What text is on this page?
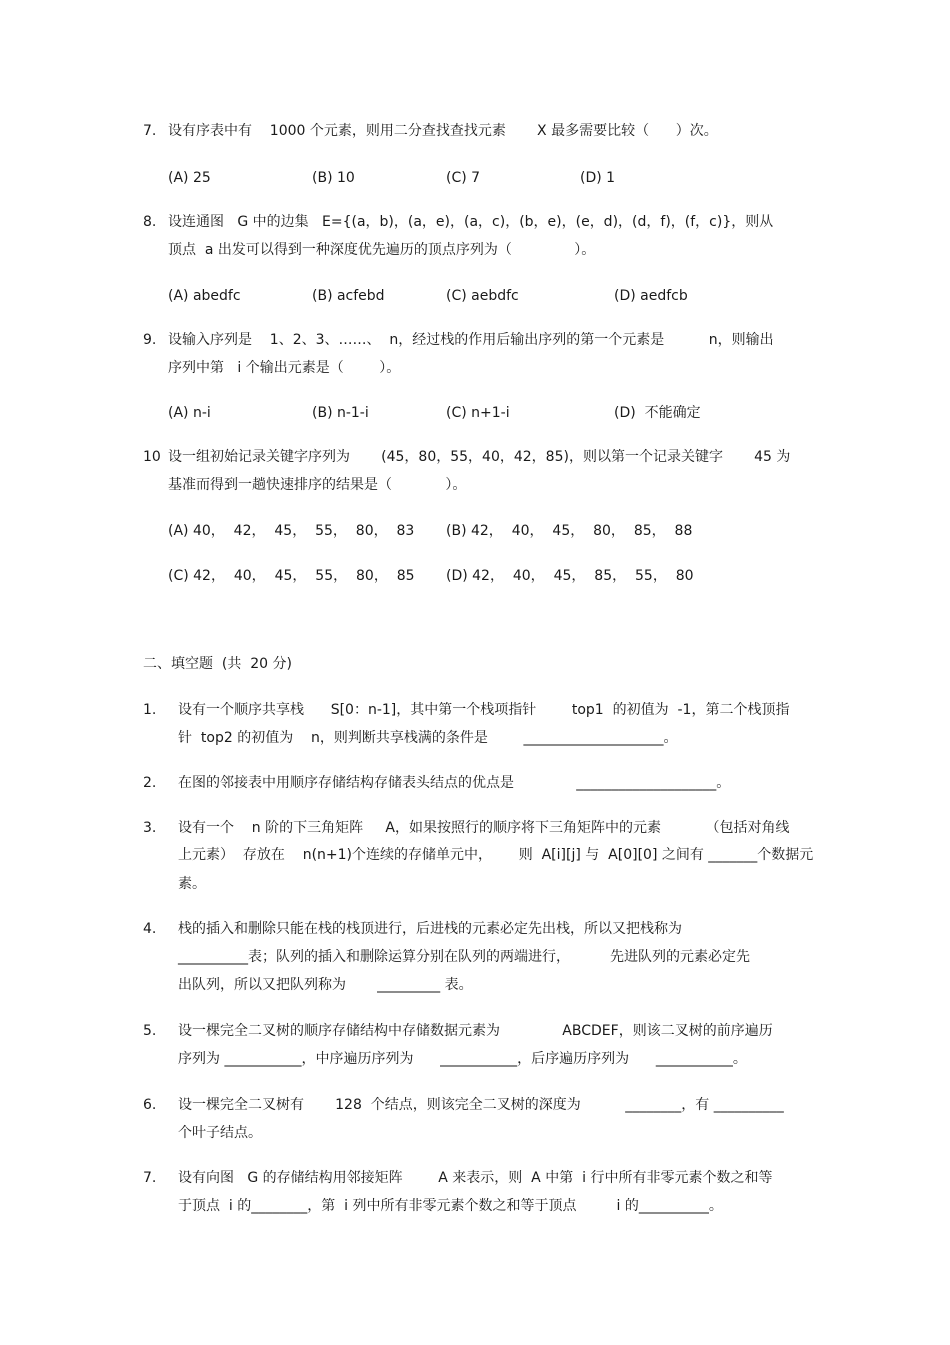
7. 设有序表中有    1000 个元素，则用二分查找查找元素       X 最多需要比较（      ）次。
(A) 25	(B) 10	(C) 7	(D) 1
8. 设连通图   G 中的边集   E={(a，b)，(a，e)，(a，c)，(b，e)，(e，d)，(d，f)，(f，c)}，则从
顶点  a 出发可以得到一种深度优先遍历的顶点序列为（              ）。
(A) abedfc	(B) acfebd	(C) aebdfc	(D) aedfcb
9. 设输入序列是    1、2、3、……、  n，经过栈的作用后输出序列的第一个元素是          n，则输出
序列中第   i 个输出元素是（        ）。
(A) n-i	(B) n-1-i	(C) n+1-i	(D)  不能确定
10 设一组初始记录关键字序列为       (45，80，55，40，42，85)，则以第一个记录关键字       45 为
基准而得到一趟快速排序的结果是（            ）。
(A) 40，  42，  45，  55，  80，  83 (B) 42，  40，  45，  80，  85，  88
(C) 42，  40，  45，  55，  80，  85 (D) 42，  40，  45，  85，  55，  80
二、填空题  (共  20 分)
1. 设有一个顺序共享栈      S[0：n-1]，其中第一个栈项指针        top1  的初值为  -1，第二个栈顶指
针  top2 的初值为    n，则判断共享栈满的条件是        ____________________。
2. 在图的邻接表中用顺序存储结构存储表头结点的优点是              ____________________。
3. 设有一个    n 阶的下三角矩阵     A，如果按照行的顺序将下三角矩阵中的元素          （包括对角线
上元素）  存放在    n(n+1)个连续的存储单元中，      则  A[i][j] 与  A[0][0] 之间有 _______个数据元
素。
4. 栈的插入和删除只能在栈的栈顶进行，后进栈的元素必定先出栈，所以又把栈称为
__________表；队列的插入和删除运算分别在队列的两端进行，         先进队列的元素必定先
出队列，所以又把队列称为       _________ 表。
5. 设一棵完全二叉树的顺序存储结构中存储数据元素为              ABCDEF，则该二叉树的前序遍历
序列为 ___________，中序遍历序列为      ___________，后序遍历序列为      ___________。
6. 设一棵完全二叉树有       128  个结点，则该完全二叉树的深度为          ________，有 __________
个叶子结点。
7. 设有向图   G 的存储结构用邻接矩阵        A 来表示，则  A 中第  i 行中所有非零元素个数之和等
于顶点  i 的________，第  i 列中所有非零元素个数之和等于顶点         i 的__________。
